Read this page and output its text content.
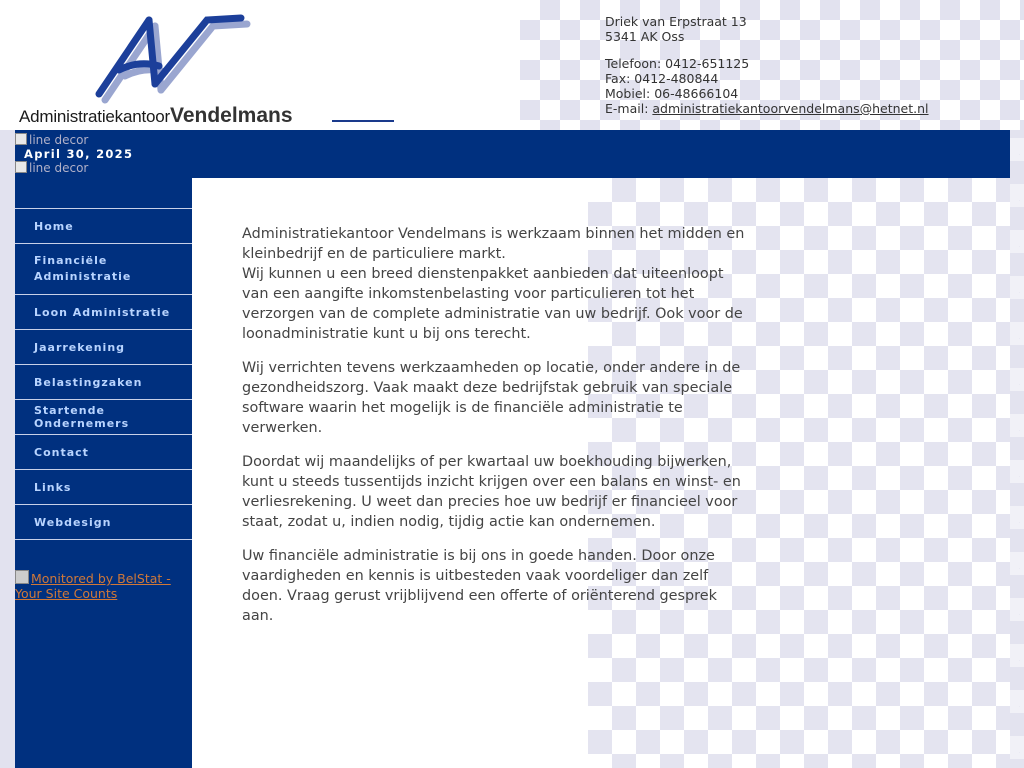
AdministratiekantoorVendelmans
Driek van Erpstraat 13
5341 AK Oss
Telefoon: 0412-651125
Fax: 0412-480844
Mobiel: 06-48666104
E-mail: administratiekantoorvendelmans@hetnet.nl
line decor
April 30, 2025
line decor
Home
Financiële Administratie
Loon Administratie
Jaarrekening
Belastingzaken
Startende Ondernemers
Contact
Links
Webdesign
Monitored by BelStat - Your Site Counts

Administratiekantoor Vendelmans is werkzaam binnen het midden en kleinbedrijf en de particuliere markt.
Wij kunnen u een breed dienstenpakket aanbieden dat uiteenloopt van een aangifte inkomstenbelasting voor particulieren tot het verzorgen van de complete administratie van uw bedrijf. Ook voor de loonadministratie kunt u bij ons terecht.

Wij verrichten tevens werkzaamheden op locatie, onder andere in de gezondheidszorg. Vaak maakt deze bedrijfstak gebruik van speciale software waarin het mogelijk is de financiële administratie te verwerken.

Doordat wij maandelijks of per kwartaal uw boekhouding bijwerken, kunt u steeds tussentijds inzicht krijgen over een balans en winst- en verliesrekening. U weet dan precies hoe uw bedrijf er financieel voor staat, zodat u, indien nodig, tijdig actie kan ondernemen.

Uw financiële administratie is bij ons in goede handen. Door onze vaardigheden en kennis is uitbesteden vaak voordeliger dan zelf doen. Vraag gerust vrijblijvend een offerte of oriënterend gesprek aan.
